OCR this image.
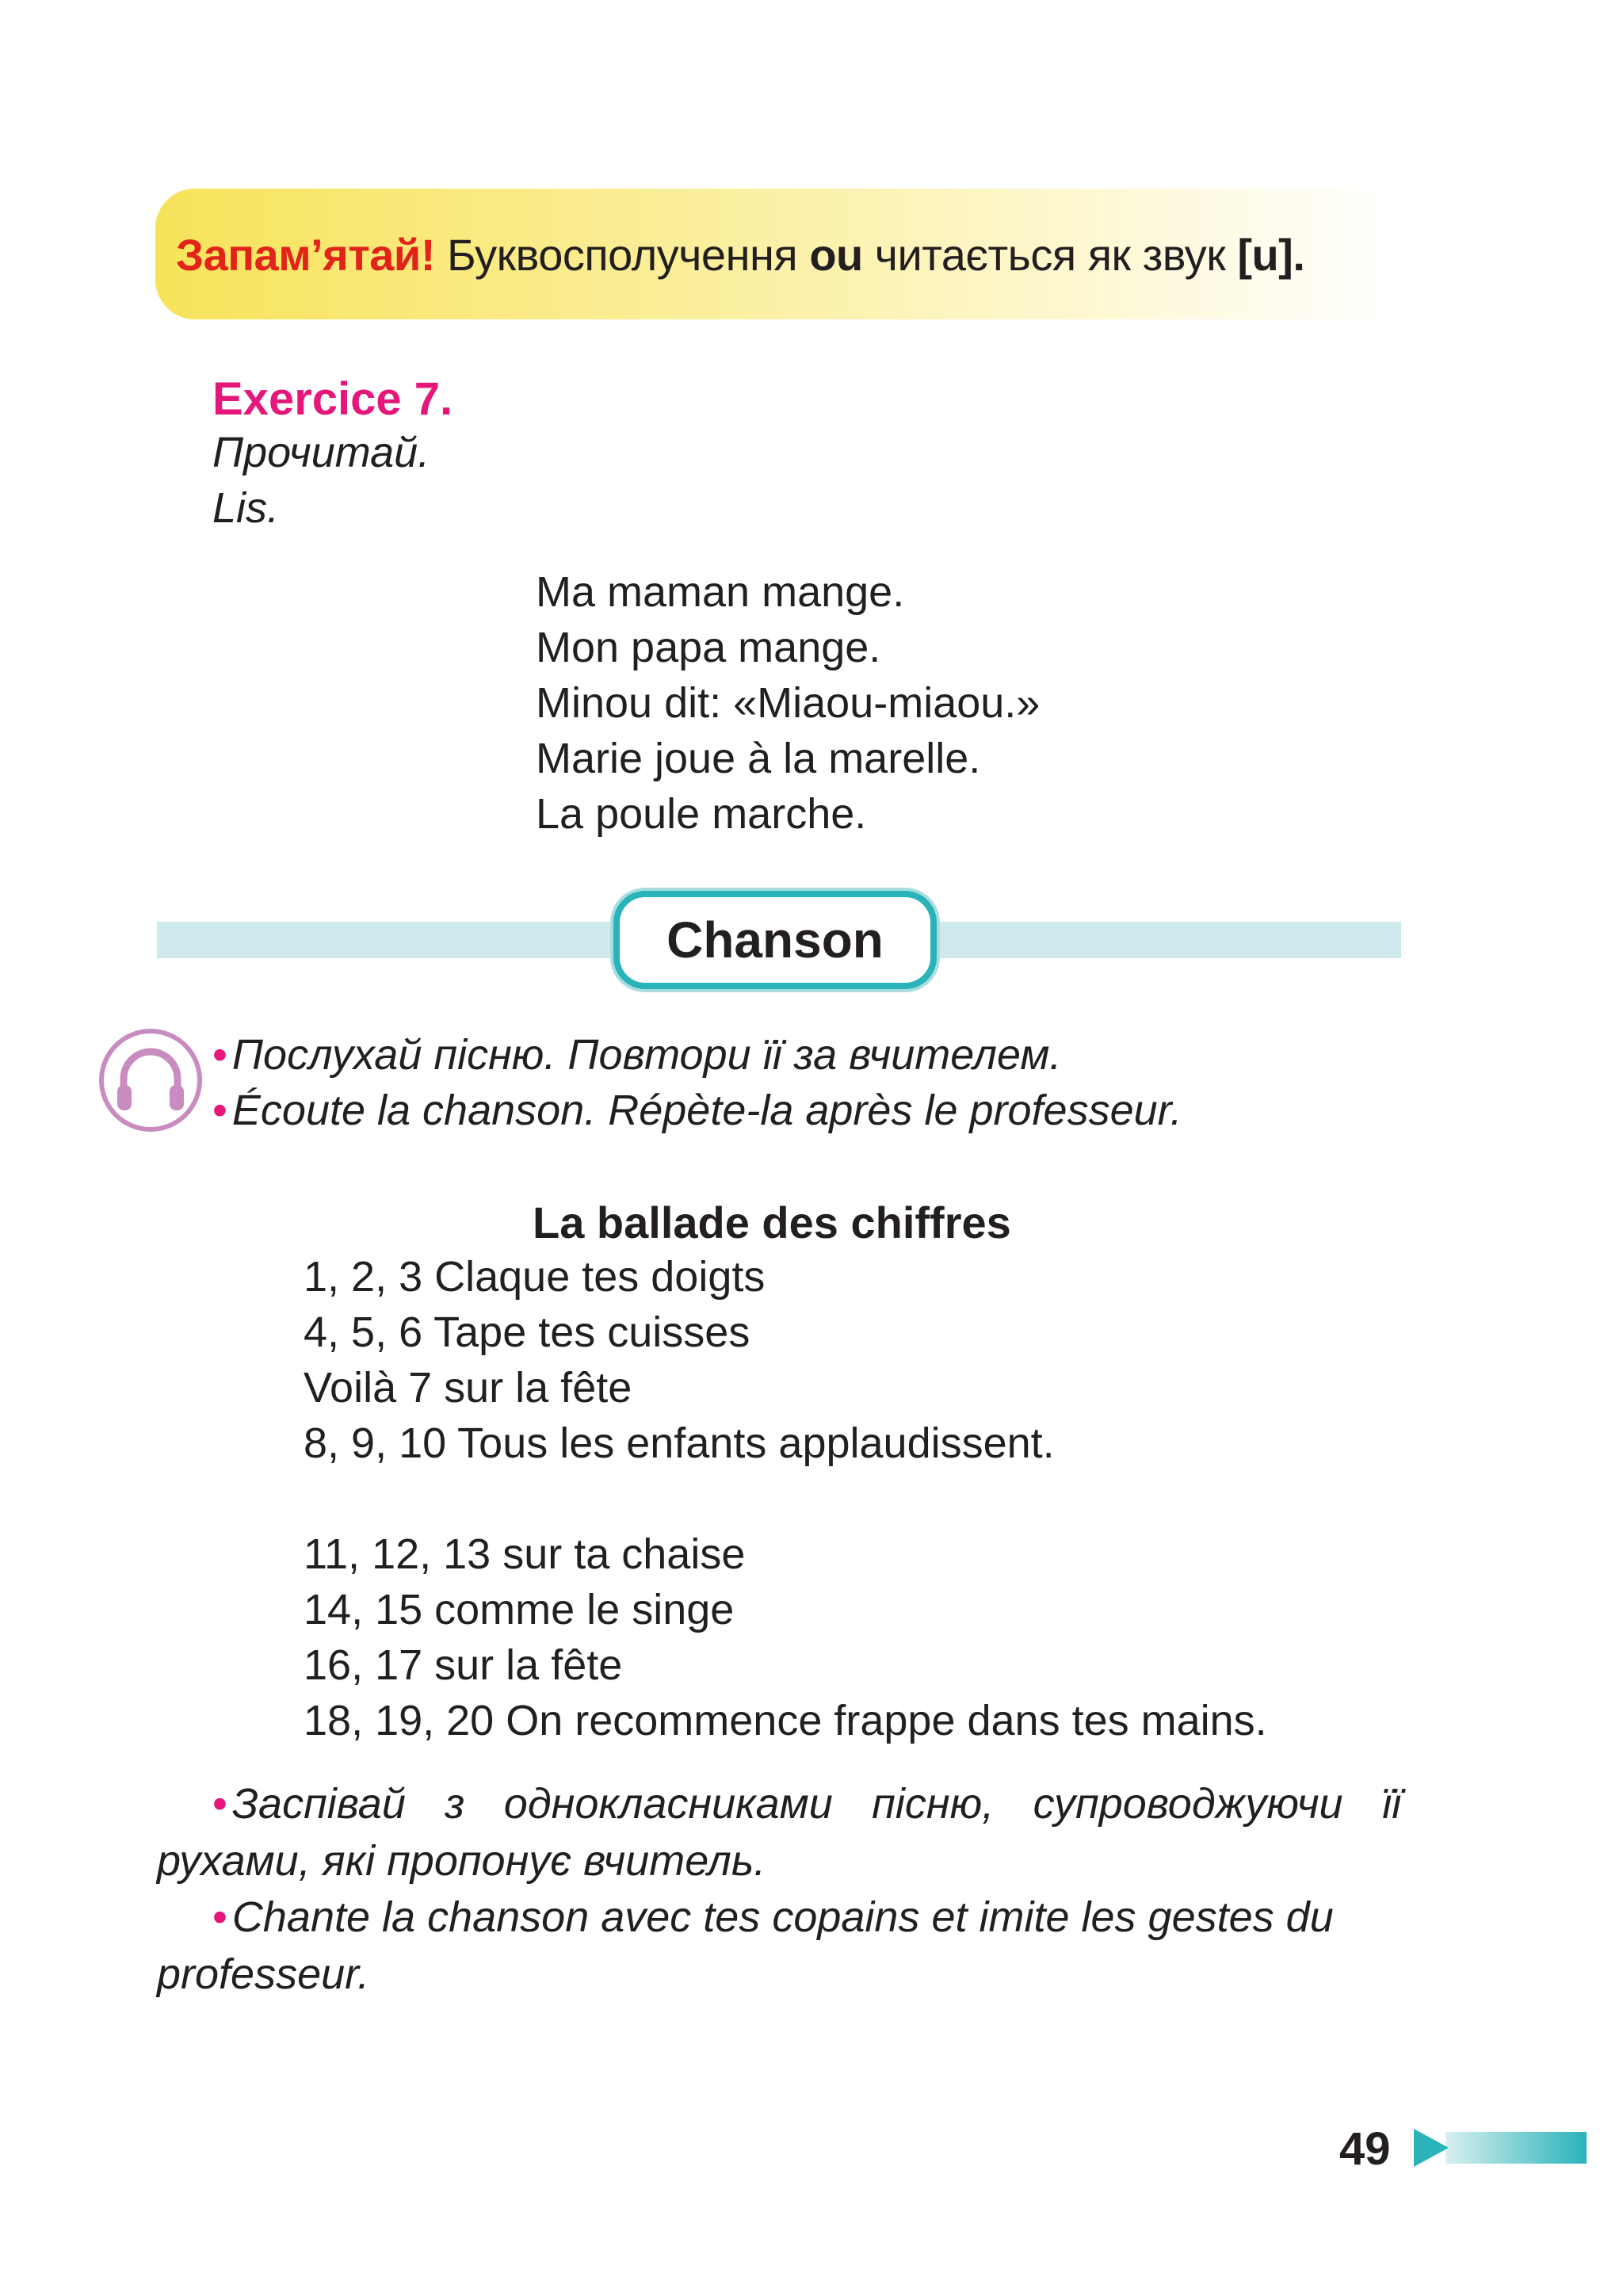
Запам’ятай! Буквосполучення ou читається як звук [u].
Exercice 7.
Прочитай.
Lis.
Ma maman mange.
Mon papa mange.
Minou dit: «Miaou-miaou.»
Marie joue à la marelle.
La poule marche.
Chanson
• Послухай пісню. Повтори її за вчителем.
• Écoute la chanson. Répète-la après le professeur.
La ballade des chiffres
1, 2, 3 Claque tes doigts
4, 5, 6 Tape tes cuisses
Voilà 7 sur la fête
8, 9, 10 Tous les enfants applaudissent.
11, 12, 13 sur ta chaise
14, 15 comme le singe
16, 17 sur la fête
18, 19, 20 On recommence frappe dans tes mains.
• Заспівай з однокласниками пісню, супроводжуючи її рухами, які пропонує вчитель.
• Chante la chanson avec tes copains et imite les gestes du professeur.
49
